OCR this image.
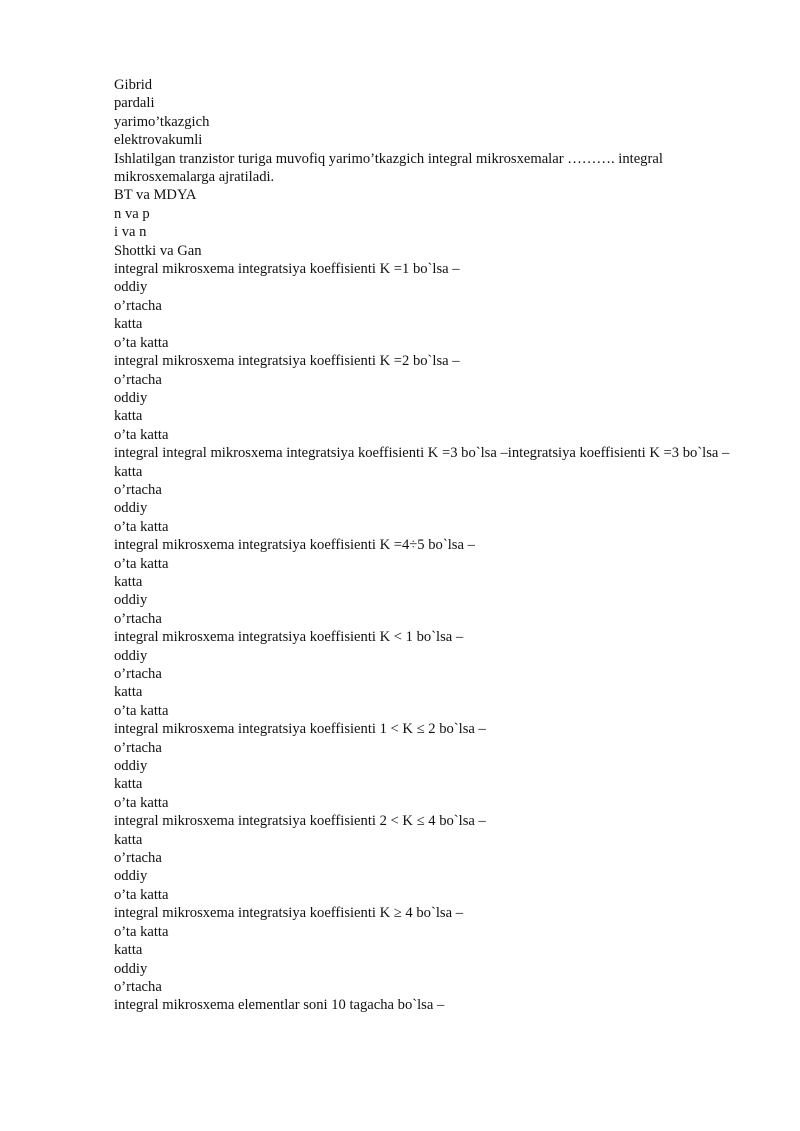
Gibrid
pardali
yarimo’tkazgich
elektrovakumli
Ishlatilgan tranzistor turiga muvofiq yarimo’tkazgich integral mikrosxemalar ………. integral mikrosxemalarga ajratiladi.
BT va MDYA
n va p
i va n
Shottki va Gan
integral mikrosxema integratsiya koeffisienti K =1 bo`lsa –
oddiy
o’rtacha
katta
o’ta katta
integral mikrosxema integratsiya koeffisienti K =2 bo`lsa –
o’rtacha
oddiy
katta
o’ta katta
integral integral mikrosxema integratsiya koeffisienti K =3 bo`lsa –integratsiya koeffisienti K =3 bo`lsa –
katta
o’rtacha
oddiy
o’ta katta
integral mikrosxema integratsiya koeffisienti K =4÷5 bo`lsa –
o’ta katta
katta
oddiy
o’rtacha
integral mikrosxema integratsiya koeffisienti K < 1 bo`lsa –
oddiy
o’rtacha
katta
o’ta katta
integral mikrosxema integratsiya koeffisienti 1 < K ≤ 2 bo`lsa –
o’rtacha
oddiy
katta
o’ta katta
integral mikrosxema integratsiya koeffisienti 2 < K ≤ 4 bo`lsa –
katta
o’rtacha
oddiy
o’ta katta
integral mikrosxema integratsiya koeffisienti K ≥ 4 bo`lsa –
o’ta katta
katta
oddiy
o’rtacha
integral mikrosxema elementlar soni 10 tagacha bo`lsa –
